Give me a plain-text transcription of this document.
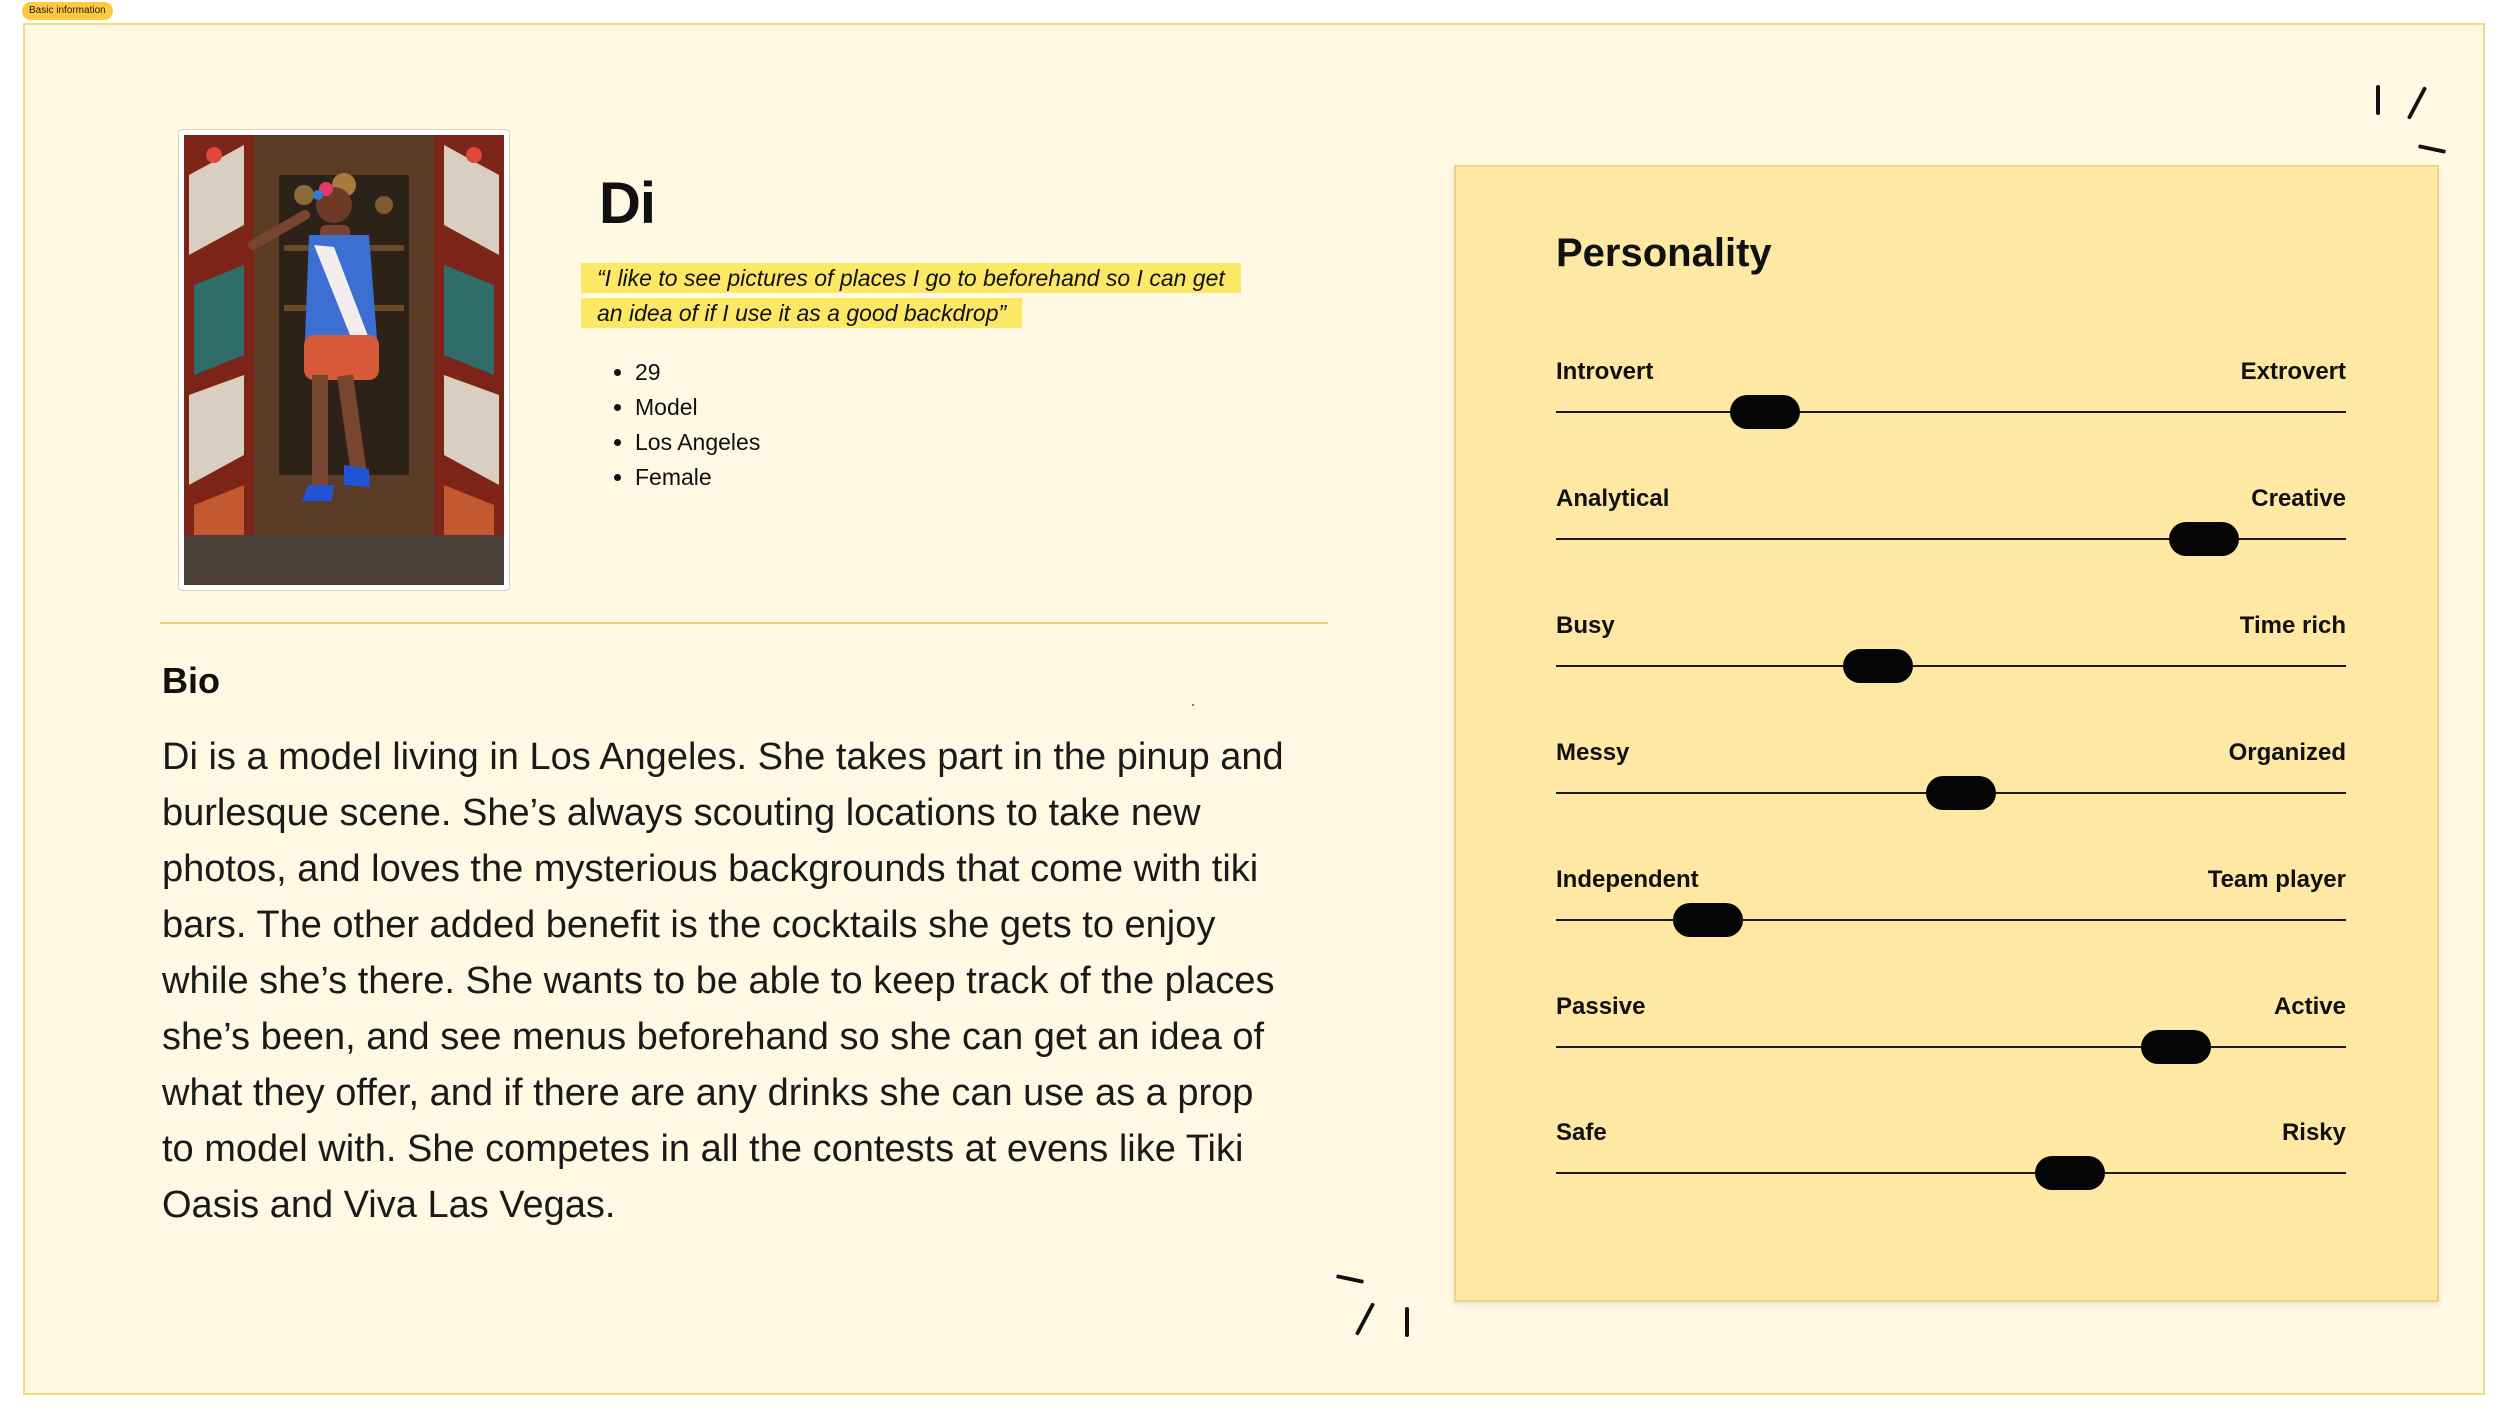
Basic information
Di

“I like to see pictures of places I go to beforehand so I can get
an idea of if I use it as a good backdrop”

• 29
• Model
• Los Angeles
• Female
Bio

Di is a model living in Los Angeles. She takes part in the pinup and burlesque scene. She’s always scouting locations to take new photos, and loves the mysterious backgrounds that come with tiki bars. The other added benefit is the cocktails she gets to enjoy while she’s there. She wants to be able to keep track of the places she’s been, and see menus beforehand so she can get an idea of what they offer, and if there are any drinks she can use as a prop to model with. She competes in all the contests at evens like Tiki Oasis and Viva Las Vegas.

Personality
Introvert	Extrovert
Analytical	Creative
Busy	Time rich
Messy	Organized
Independent	Team player
Passive	Active
Safe	Risky
